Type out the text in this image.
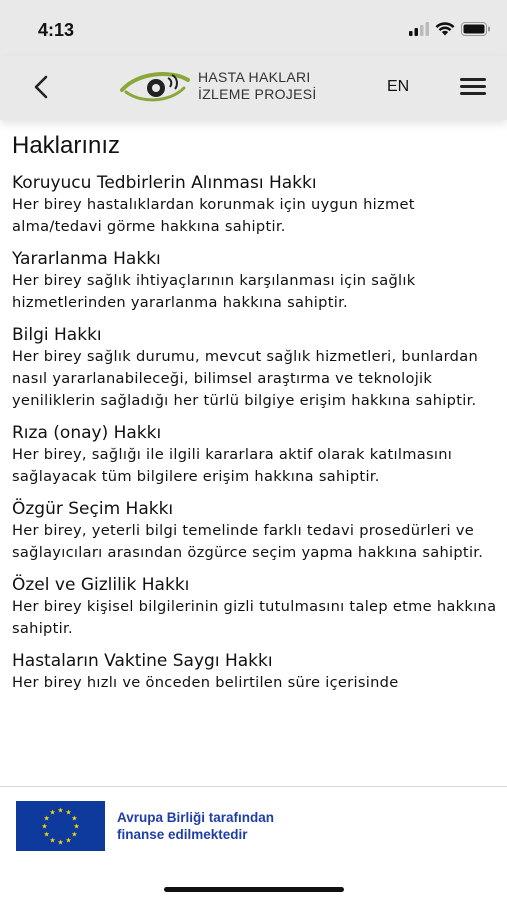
4:13
HASTA HAKLARI
İZLEME PROJESİ	EN
Haklarınız
Koruyucu Tedbirlerin Alınması Hakkı
Her birey hastalıklardan korunmak için uygun hizmet alma/tedavi görme hakkına sahiptir.
Yararlanma Hakkı
Her birey sağlık ihtiyaçlarının karşılanması için sağlık hizmetlerinden yararlanma hakkına sahiptir.
Bilgi Hakkı
Her birey sağlık durumu, mevcut sağlık hizmetleri, bunlardan nasıl yararlanabileceği, bilimsel araştırma ve teknolojik yeniliklerin sağladığı her türlü bilgiye erişim hakkına sahiptir.
Rıza (onay) Hakkı
Her birey, sağlığı ile ilgili kararlara aktif olarak katılmasını sağlayacak tüm bilgilere erişim hakkına sahiptir.
Özgür Seçim Hakkı
Her birey, yeterli bilgi temelinde farklı tedavi prosedürleri ve sağlayıcıları arasından özgürce seçim yapma hakkına sahiptir.
Özel ve Gizlilik Hakkı
Her birey kişisel bilgilerinin gizli tutulmasını talep etme hakkına sahiptir.
Hastaların Vaktine Saygı Hakkı
Her birey hızlı ve önceden belirtilen süre içerisinde
★ ★
★
★
★
★
★
★
★
★
★
★	Avrupa Birliği tarafından
finanse edilmektedir
